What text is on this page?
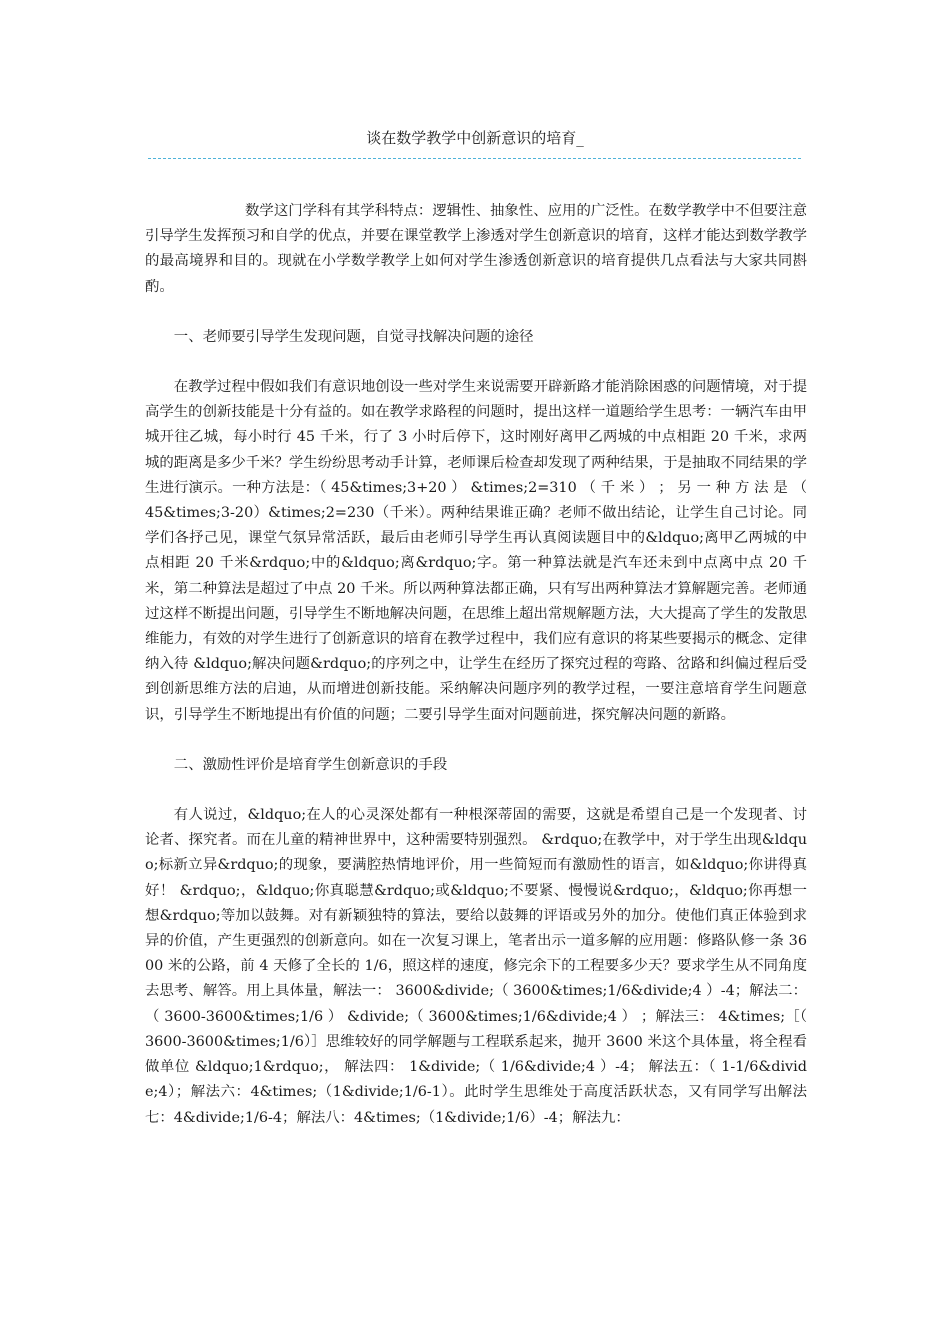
谈在数学教学中创新意识的培育_

数学这门学科有其学科特点：逻辑性、抽象性、应用的广泛性。在数学教学中不但要注意引导学生发挥预习和自学的优点，并要在课堂教学上渗透对学生创新意识的培育，这样才能达到数学教学的最高境界和目的。现就在小学数学教学上如何对学生渗透创新意识的培育提供几点看法与大家共同斟酌。

一、老师要引导学生发现问题，自觉寻找解决问题的途径

在教学过程中假如我们有意识地创设一些对学生来说需要开辟新路才能消除困惑的问题情境，对于提高学生的创新技能是十分有益的。如在教学求路程的问题时，提出这样一道题给学生思考：一辆汽车由甲城开往乙城，每小时行 45 千米，行了 3 小时后停下，这时刚好离甲乙两城的中点相距 20 千米，求两城的距离是多少千米？学生纷纷思考动手计算，老师课后检查却发现了两种结果，于是抽取不同结果的学生进行演示。一种方法是：（ 45&times;3+20 ） &times;2=310 （ 千 米 ） ； 另 一 种 方 法 是 （ 45&times;3-20）&times;2=230（千米）。两种结果谁正确？老师不做出结论，让学生自己讨论。同学们各抒己见，课堂气氛异常活跃，最后由老师引导学生再认真阅读题目中的&ldquo;离甲乙两城的中点相距 20 千米&rdquo;中的&ldquo;离&rdquo;字。第一种算法就是汽车还未到中点离中点 20 千米，第二种算法是超过了中点 20 千米。所以两种算法都正确，只有写出两种算法才算解题完善。老师通过这样不断提出问题，引导学生不断地解决问题，在思维上超出常规解题方法，大大提高了学生的发散思维能力，有效的对学生进行了创新意识的培育在教学过程中，我们应有意识的将某些要揭示的概念、定律纳入待 &ldquo;解决问题&rdquo;的序列之中，让学生在经历了探究过程的弯路、岔路和纠偏过程后受到创新思维方法的启迪，从而增进创新技能。采纳解决问题序列的教学过程，一要注意培育学生问题意识，引导学生不断地提出有价值的问题；二要引导学生面对问题前进，探究解决问题的新路。

二、激励性评价是培育学生创新意识的手段

有人说过，&ldquo;在人的心灵深处都有一种根深蒂固的需要，这就是希望自己是一个发现者、讨论者、探究者。而在儿童的精神世界中，这种需要特别强烈。 &rdquo;在教学中，对于学生出现&ldquo;标新立异&rdquo;的现象，要满腔热情地评价，用一些简短而有激励性的语言，如&ldquo;你讲得真好！ &rdquo;，&ldquo;你真聪慧&rdquo;或&ldquo;不要紧、慢慢说&rdquo;，&ldquo;你再想一想&rdquo;等加以鼓舞。对有新颖独特的算法，要给以鼓舞的评语或另外的加分。使他们真正体验到求异的价值，产生更强烈的创新意向。如在一次复习课上，笔者出示一道多解的应用题：修路队修一条 3600 米的公路，前 4 天修了全长的 1/6，照这样的速度，修完余下的工程要多少天？要求学生从不同角度去思考、解答。用上具体量，解法一： 3600&divide;（ 3600&times;1/6&divide;4 ）-4；解法二：（ 3600-3600&times;1/6 ） &divide;（ 3600&times;1/6&divide;4 ） ；解法三： 4&times;［（ 3600-3600&times;1/6）］思维较好的同学解题与工程联系起来，抛开 3600 米这个具体量，将全程看做单位 &ldquo;1&rdquo;， 解法四： 1&divide;（ 1/6&divide;4 ）-4； 解法五：（ 1-1/6&divide;4）；解法六：4&times;（1&divide;1/6-1）。此时学生思维处于高度活跃状态，又有同学写出解法七：4&divide;1/6-4；解法八：4&times;（1&divide;1/6）-4；解法九：
